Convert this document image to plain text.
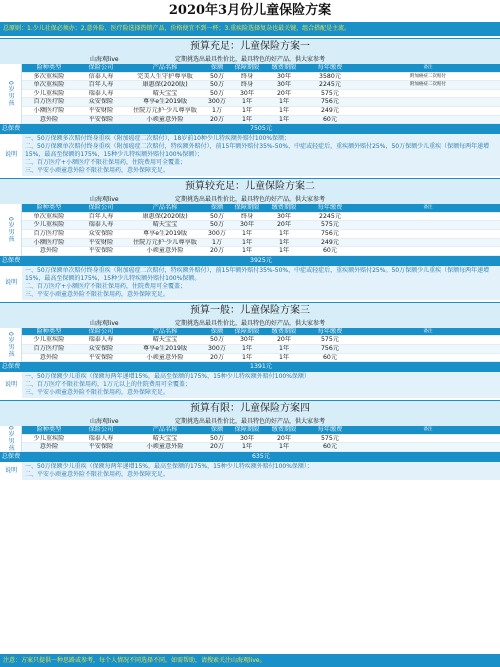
2020年3月份儿童保险方案
总原则：1.少儿社保必须办；2.意外险、医疗险选择热销产品，价格便宜不到一杯；3.重疾险选择复杂也最关键，组合搭配是主流。
预算充足：儿童保险方案一
山海观live	定期挑选出最具性价比，最具特色的好产品，供大家参考
0岁男孩
险种类型	保险公司	产品名称	保额	保障期限	缴费期限	每年缴费	备注
多次重疾险	信泰人寿	完美人生守护尊享版	50万	终身	30年	3580元	附加癌症二次赔付
单次重疾险	百年人寿	康惠保(2020版)	50万	终身	30年	2245元	附加癌症二次赔付
少儿重疾险	瑞泰人寿	晴天宝宝	50万	30年	20年	575元
百万医疗险	众安保险	尊享e生2019版	300万	1年	1年	756元
小额医疗险	平安财险	住院万元护·少儿尊享版	1万	1年	1年	249元
意外险	平安保险	小顽童意外险	20万	1年	1年	60元
总保费	7505元
说明
一、50万保额多次赔付终身重疾（附加癌症二次赔付），18岁前10种少儿特疾额外赔付100%保额；
二、50万保额单次赔付终身重疾（附加癌症二次赔付，特疾额外赔付），前15年额外赔付35%-50%，中症或轻症后，重疾额外赔付25%，50万保额少儿重疾（保额每两年递增15%，最高至保额的175%，15种少儿特疾额外赔付100%保额）；
二、百万医疗+小额医疗不限社保用药，住院费用可全覆盖；
三、平安小顽童意外险不限社保用药，意外保障充足。
预算较充足：儿童保险方案二
山海观live	定期挑选出最具性价比，最具特色的好产品，供大家参考
0岁男孩
险种类型	保险公司	产品名称	保额	保障期限	缴费期限	每年缴费	备注
单次重疾险	百年人寿	康惠保(2020版)	50万	终身	30年	2245元
少儿重疾险	瑞泰人寿	晴天宝宝	50万	30年	20年	575元
百万医疗险	众安保险	尊享e生2019版	300万	1年	1年	756元
小额医疗险	平安财险	住院万元护·少儿尊享版	1万	1年	1年	249元
意外险	平安保险	小顽童意外险	20万	1年	1年	60元
总保费	3925元
说明
一、50万保额单次赔付终身重疾（附加癌症二次赔付，特疾额外赔付），前15年额外赔付35%-50%，中症或轻症后，重疾额外赔付25%。50万保额少儿重疾（保额每两年递增15%，最高至保额的175%，15种少儿特疾额外赔付100%保额。
二、百万医疗+小额医疗不限社保用药，住院费用可全覆盖；
三、平安小顽童意外险不限社保用药，意外保障充足。
预算一般：儿童保险方案三
山海观live	定期挑选出最具性价比，最具特色的好产品，供大家参考
0岁男孩
险种类型	保险公司	产品名称	保额	保障期限	缴费期限	每年缴费	备注
少儿重疾险	瑞泰人寿	晴天宝宝	50万	30年	20年	575元
百万医疗险	众安保险	尊享e生2019版	300万	1年	1年	756元
意外险	平安保险	小顽童意外险	20万	1年	1年	60元
总保费	1391元
说明
一、50万保额少儿重疾（保额每两年递增15%，最高至保额的175%，15种少儿特疾额外赔付100%保额）
二、百万医疗不限社保用药，1万元以上的住院费用可全覆盖；
三、平安小顽童意外险不限社保用药，意外保障充足。
预算有限：儿童保险方案四
山海观live	定期挑选出最具性价比，最具特色的好产品，供大家参考
0岁男孩	险种类型	保险公司	产品名称	保额	保障期限	缴费期限	每年缴费	备注
少儿重疾险	瑞泰人寿	晴天宝宝	50万	30年	20年	575元
意外险	平安保险	小顽童意外险	20万	1年	1年	60元
总保费	635元
说明
一、50万保额少儿重疾（保额每两年递增15%，最高至保额的175%，15种少儿特疾额外赔付100%保额）；
二、平安小顽童意外险不限社保用药，意外保障充足。
注意：方案只提供一种思路或参考，每个人情况不同选择不同。如需帮助，请搜索关注山海观live。
